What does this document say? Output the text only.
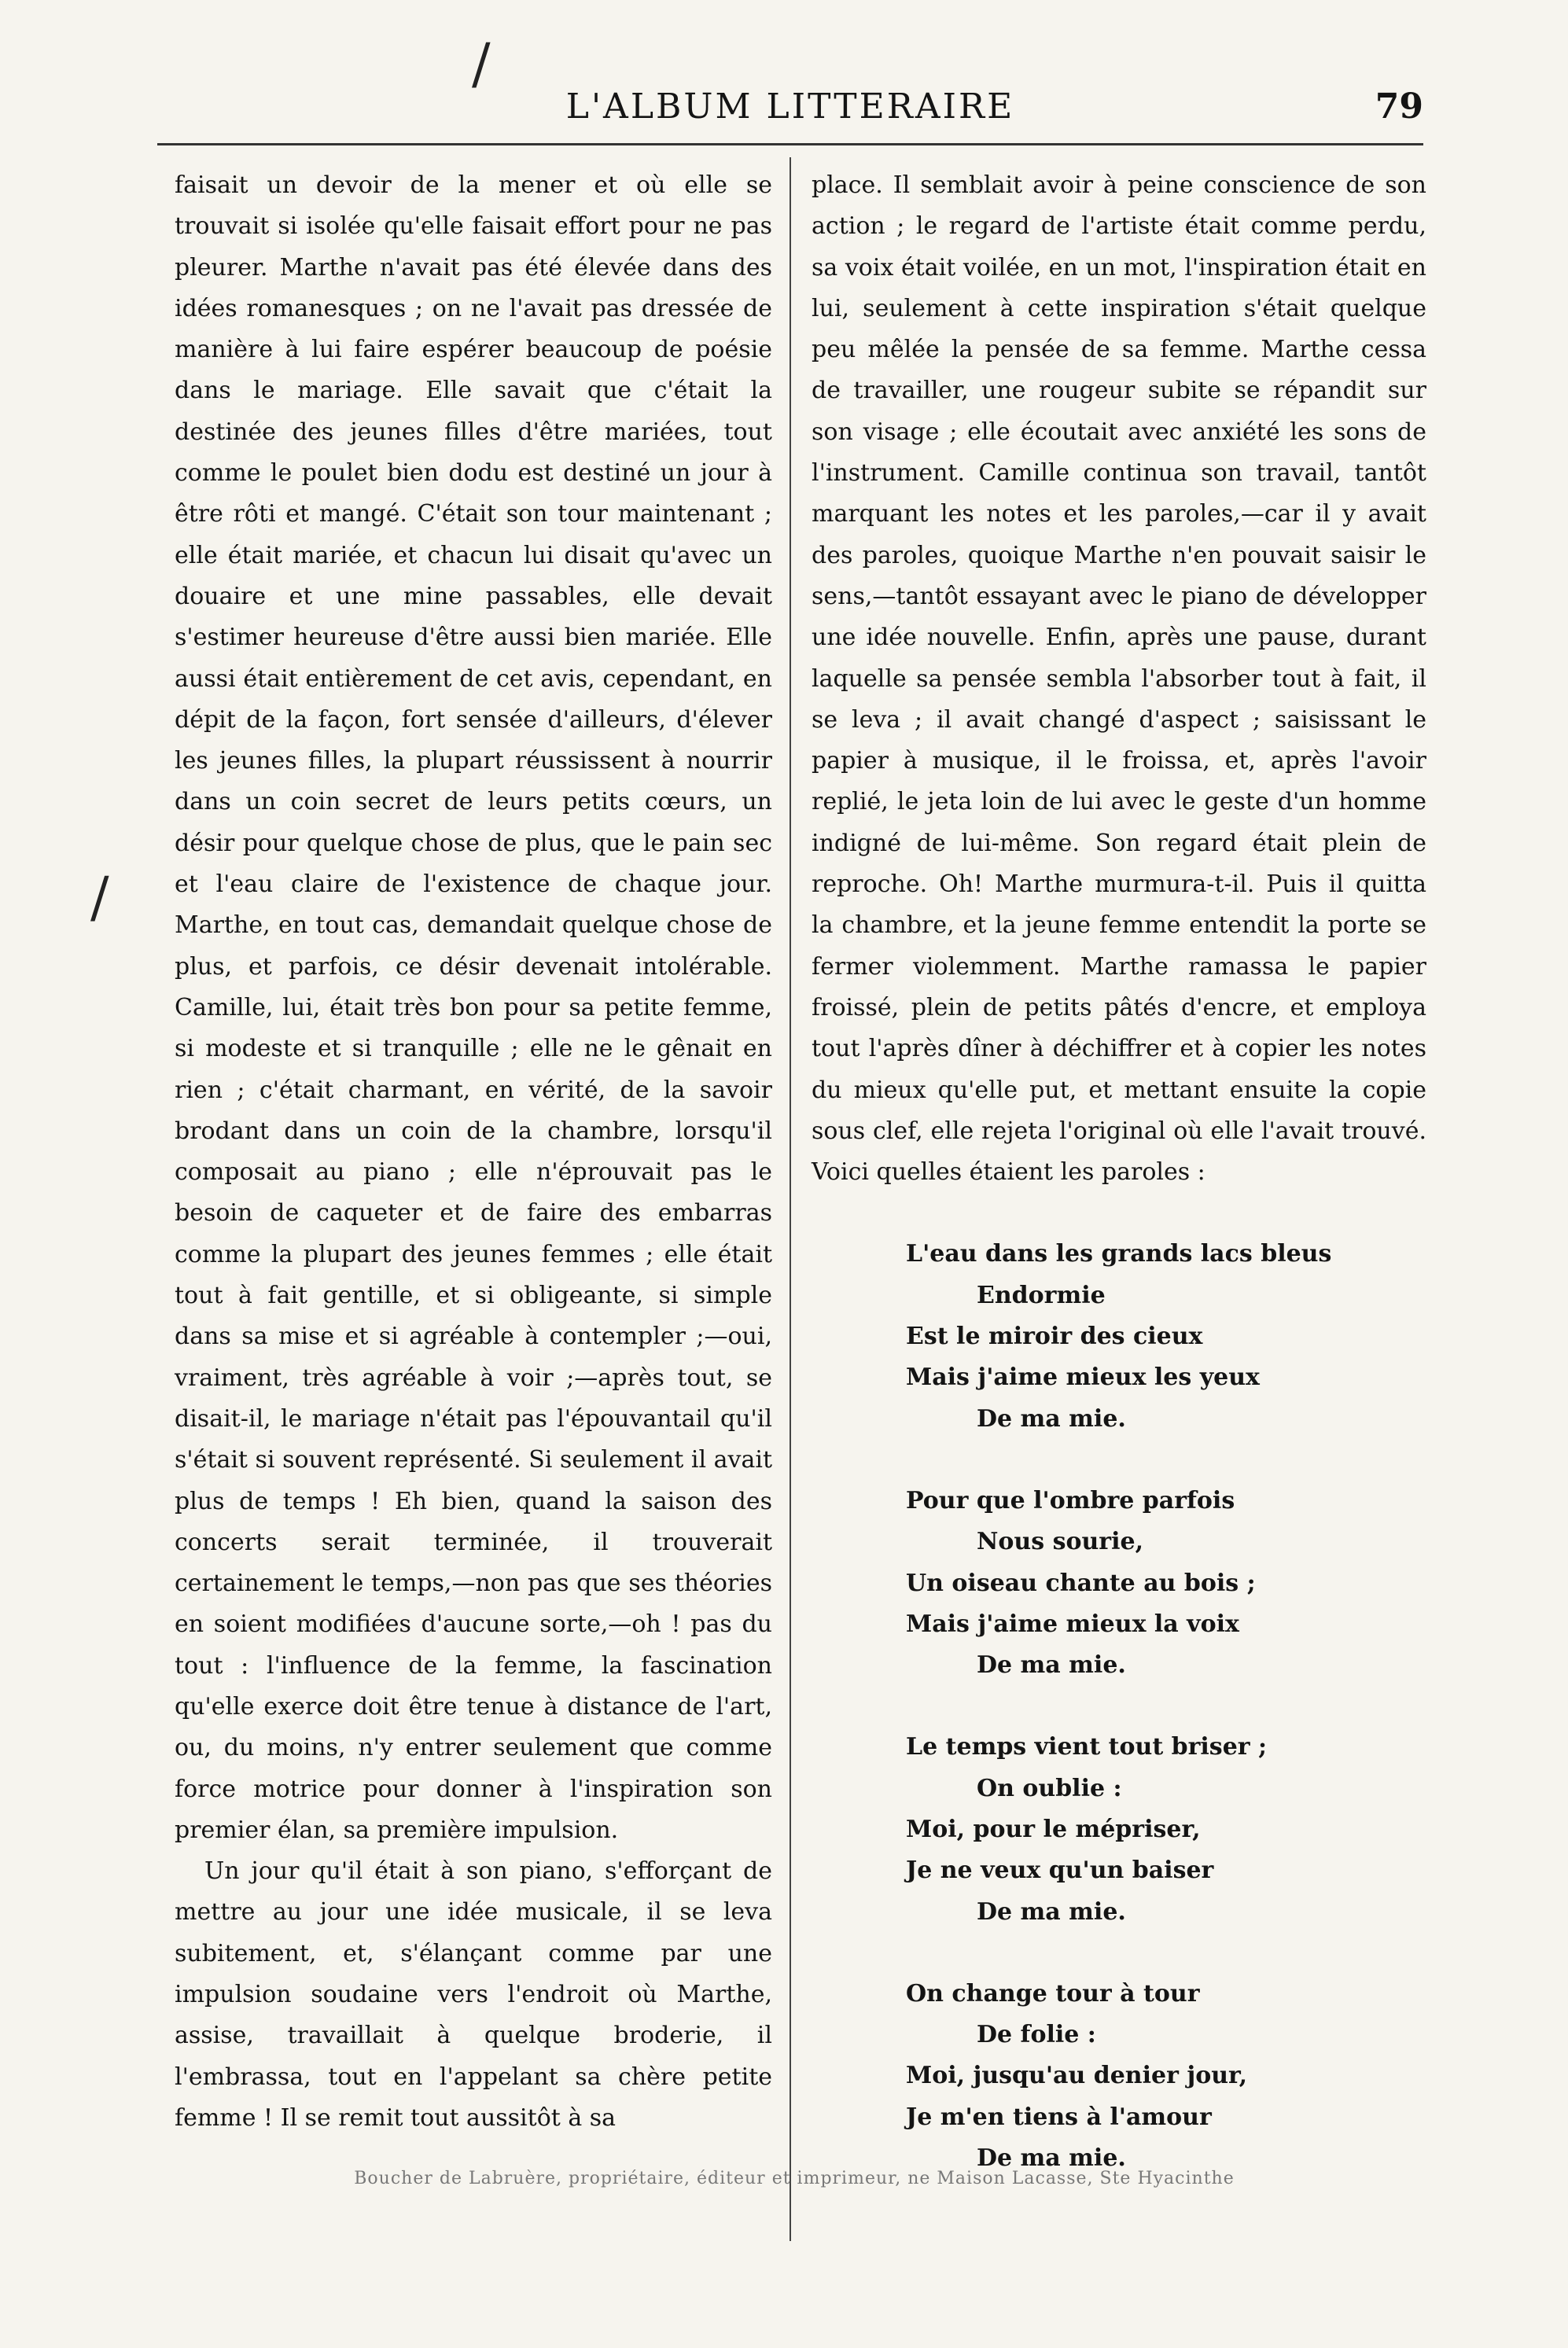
/
/
L'ALBUM LITTERAIRE	79

faisait un devoir de la mener et où elle se trouvait si isolée qu'elle faisait effort pour ne pas pleurer. Marthe n'avait pas été élevée dans des idées romanesques ; on ne l'avait pas dressée de manière à lui faire espérer beaucoup de poésie dans le mariage. Elle savait que c'était la destinée des jeunes filles d'être mariées, tout comme le poulet bien dodu est destiné un jour à être rôti et mangé. C'était son tour maintenant ; elle était mariée, et chacun lui disait qu'avec un douaire et une mine passables, elle devait s'estimer heureuse d'être aussi bien mariée. Elle aussi était entièrement de cet avis, cependant, en dépit de la façon, fort sensée d'ailleurs, d'élever les jeunes filles, la plupart réussissent à nourrir dans un coin secret de leurs petits cœurs, un désir pour quelque chose de plus, que le pain sec et l'eau claire de l'existence de chaque jour. Marthe, en tout cas, demandait quelque chose de plus, et parfois, ce désir devenait intolérable. Camille, lui, était très bon pour sa petite femme, si modeste et si tranquille ; elle ne le gênait en rien ; c'était charmant, en vérité, de la savoir brodant dans un coin de la chambre, lorsqu'il composait au piano ; elle n'éprouvait pas le besoin de caqueter et de faire des embarras comme la plupart des jeunes femmes ; elle était tout à fait gentille, et si obligeante, si simple dans sa mise et si agréable à contempler ;—oui, vraiment, très agréable à voir ;—après tout, se disait-il, le mariage n'était pas l'épouvantail qu'il s'était si souvent représenté. Si seulement il avait plus de temps ! Eh bien, quand la saison des concerts serait terminée, il trouverait certainement le temps,—non pas que ses théories en soient modifiées d'aucune sorte,—oh ! pas du tout : l'influence de la femme, la fascination qu'elle exerce doit être tenue à distance de l'art, ou, du moins, n'y entrer seulement que comme force motrice pour donner à l'inspiration son premier élan, sa première impulsion.

Un jour qu'il était à son piano, s'efforçant de mettre au jour une idée musicale, il se leva subitement, et, s'élançant comme par une impulsion soudaine vers l'endroit où Marthe, assise, travaillait à quelque broderie, il l'embrassa, tout en l'appelant sa chère petite femme ! Il se remit tout aussitôt à sa

place. Il semblait avoir à peine conscience de son action ; le regard de l'artiste était comme perdu, sa voix était voilée, en un mot, l'inspiration était en lui, seulement à cette inspiration s'était quelque peu mêlée la pensée de sa femme. Marthe cessa de travailler, une rougeur subite se répandit sur son visage ; elle écoutait avec anxiété les sons de l'instrument. Camille continua son travail, tantôt marquant les notes et les paroles,—car il y avait des paroles, quoique Marthe n'en pouvait saisir le sens,—tantôt essayant avec le piano de développer une idée nouvelle. Enfin, après une pause, durant laquelle sa pensée sembla l'absorber tout à fait, il se leva ; il avait changé d'aspect ; saisissant le papier à musique, il le froissa, et, après l'avoir replié, le jeta loin de lui avec le geste d'un homme indigné de lui-même. Son regard était plein de reproche. Oh! Marthe murmura-t-il. Puis il quitta la chambre, et la jeune femme entendit la porte se fermer violemment. Marthe ramassa le papier froissé, plein de petits pâtés d'encre, et employa tout l'après dîner à déchiffrer et à copier les notes du mieux qu'elle put, et mettant ensuite la copie sous clef, elle rejeta l'original où elle l'avait trouvé. Voici quelles étaient les paroles :

L'eau dans les grands lacs bleus
Endormie
Est le miroir des cieux
Mais j'aime mieux les yeux
De ma mie.
Pour que l'ombre parfois
Nous sourie,
Un oiseau chante au bois ;
Mais j'aime mieux la voix
De ma mie.
Le temps vient tout briser ;
On oublie :
Moi, pour le mépriser,
Je ne veux qu'un baiser
De ma mie.
On change tour à tour
De folie :
Moi, jusqu'au denier jour,
Je m'en tiens à l'amour
De ma mie.
Boucher de Labruère, propriétaire, éditeur et imprimeur, ne Maison Lacasse, Ste Hyacinthe
